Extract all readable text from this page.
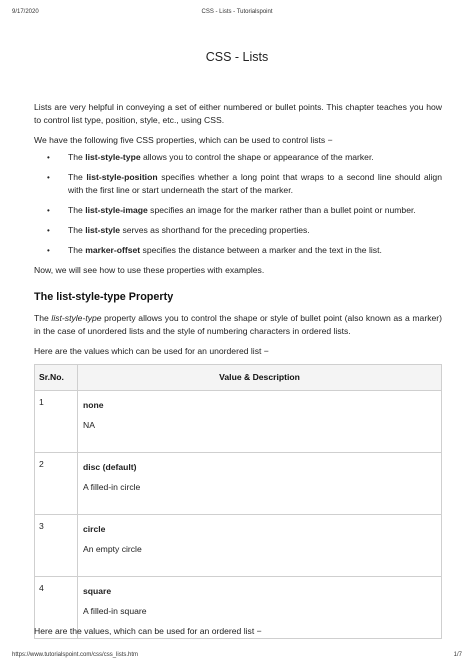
9/17/2020	CSS - Lists - Tutorialspoint
CSS - Lists

Lists are very helpful in conveying a set of either numbered or bullet points. This chapter teaches you how to control list type, position, style, etc., using CSS.

We have the following five CSS properties, which can be used to control lists −

• The list-style-type allows you to control the shape or appearance of the marker.
• The list-style-position specifies whether a long point that wraps to a second line should align with the first line or start underneath the start of the marker.
• The list-style-image specifies an image for the marker rather than a bullet point or number.
• The list-style serves as shorthand for the preceding properties.
• The marker-offset specifies the distance between a marker and the text in the list.

Now, we will see how to use these properties with examples.

The list-style-type Property

The list-style-type property allows you to control the shape or style of bullet point (also known as a marker) in the case of unordered lists and the style of numbering characters in ordered lists.

Here are the values which can be used for an unordered list −

Sr.No.	Value & Description
1	none
NA

2	disc (default)
A filled-in circle

3	circle
An empty circle

4	square
A filled-in square
Here are the values, which can be used for an ordered list −
https://www.tutorialspoint.com/css/css_lists.htm	1/7
